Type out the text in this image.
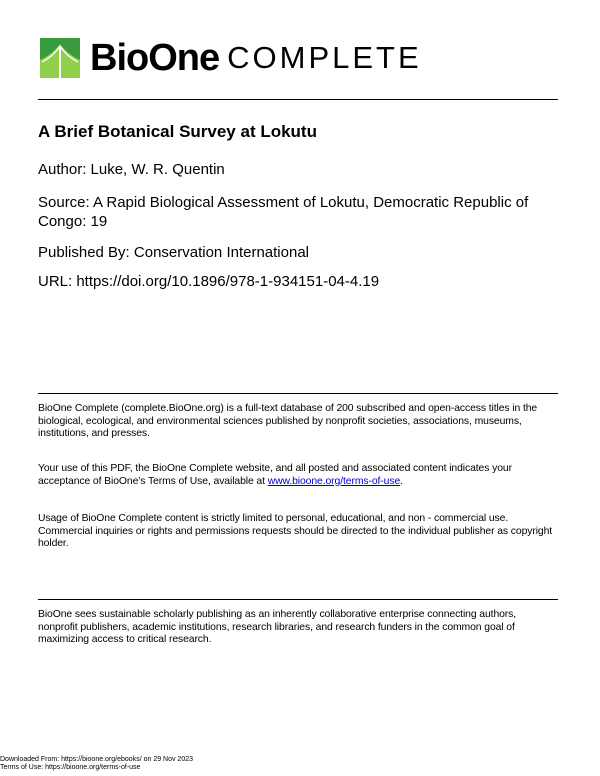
BioOne COMPLETE
A Brief Botanical Survey at Lokutu
Author: Luke, W. R. Quentin
Source: A Rapid Biological Assessment of Lokutu, Democratic Republic of Congo: 19
Published By: Conservation International
URL: https://doi.org/10.1896/978-1-934151-04-4.19
BioOne Complete (complete.BioOne.org) is a full-text database of 200 subscribed and open-access titles in the biological, ecological, and environmental sciences published by nonprofit societies, associations, museums, institutions, and presses.
Your use of this PDF, the BioOne Complete website, and all posted and associated content indicates your acceptance of BioOne’s Terms of Use, available at www.bioone.org/terms-of-use.
Usage of BioOne Complete content is strictly limited to personal, educational, and non - commercial use. Commercial inquiries or rights and permissions requests should be directed to the individual publisher as copyright holder.
BioOne sees sustainable scholarly publishing as an inherently collaborative enterprise connecting authors, nonprofit publishers, academic institutions, research libraries, and research funders in the common goal of maximizing access to critical research.
Downloaded From: https://bioone.org/ebooks/ on 29 Nov 2023
Terms of Use: https://bioone.org/terms-of-use
